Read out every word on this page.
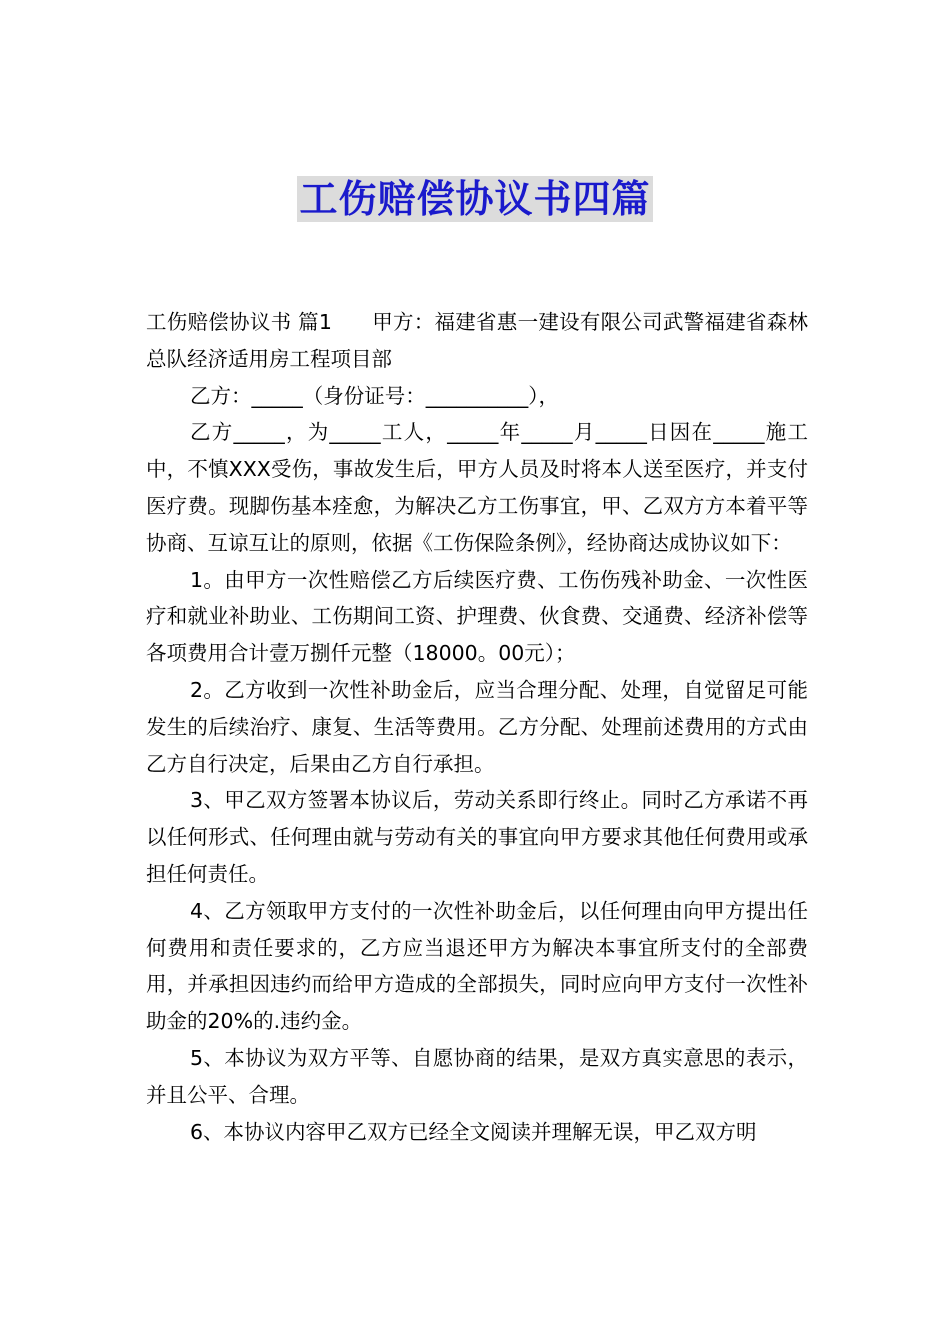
工伤赔偿协议书四篇

工伤赔偿协议书 篇1 甲方：福建省惠一建设有限公司武警福建省森林总队经济适用房工程项目部

乙方：_____（身份证号：__________），

乙方_____，为_____工人，_____年_____月_____日因在_____施工中，不慎XXX受伤，事故发生后，甲方人员及时将本人送至医疗，并支付医疗费。现脚伤基本痊愈，为解决乙方工伤事宜，甲、乙双方方本着平等协商、互谅互让的原则，依据《工伤保险条例》，经协商达成协议如下：

1。由甲方一次性赔偿乙方后续医疗费、工伤伤残补助金、一次性医疗和就业补助业、工伤期间工资、护理费、伙食费、交通费、经济补偿等各项费用合计壹万捌仟元整（18000。00元）；

2。乙方收到一次性补助金后，应当合理分配、处理，自觉留足可能发生的后续治疗、康复、生活等费用。乙方分配、处理前述费用的方式由乙方自行决定，后果由乙方自行承担。

3、甲乙双方签署本协议后，劳动关系即行终止。同时乙方承诺不再以任何形式、任何理由就与劳动有关的事宜向甲方要求其他任何费用或承担任何责任。

4、乙方领取甲方支付的一次性补助金后，以任何理由向甲方提出任何费用和责任要求的，乙方应当退还甲方为解决本事宜所支付的全部费用，并承担因违约而给甲方造成的全部损失，同时应向甲方支付一次性补助金的20%的.违约金。

5、本协议为双方平等、自愿协商的结果，是双方真实意思的表示，并且公平、合理。

6、本协议内容甲乙双方已经全文阅读并理解无误，甲乙双方明
